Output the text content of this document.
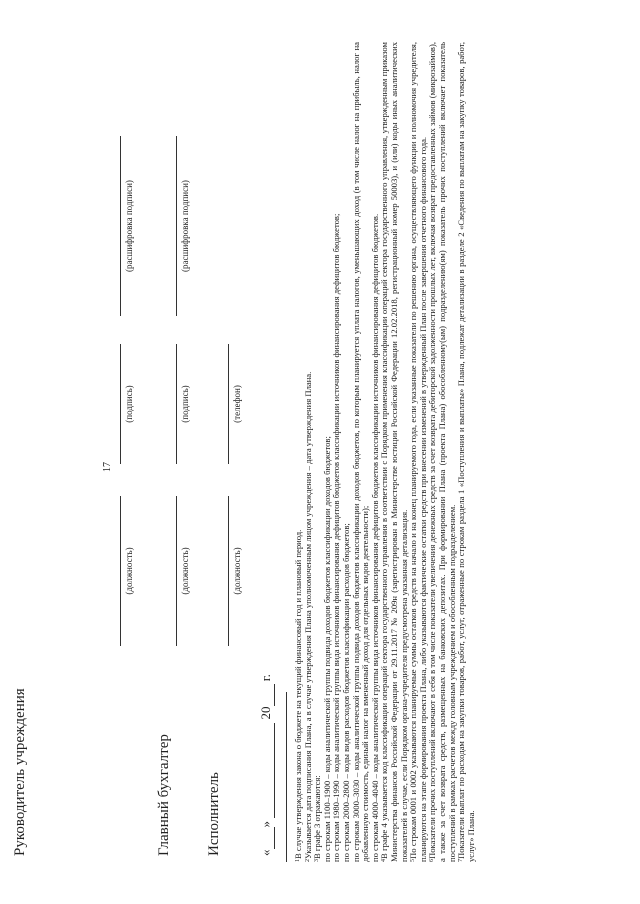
17
Руководитель учреждения
(должность)
(подпись)
(расшифровка подписи)
Главный бухгалтер
(должность)
(подпись)
(расшифровка подписи)
Исполнитель
(должность)
(телефон)
« »   20  г.

$^1$В случае утверждения закона о бюджете на текущий финансовый год и плановый период.

$^2$Указывается дата подписания Плана, а в случае утверждения Плана уполномоченным лицом учреждения – дата утверждения Плана.

$^3$В графе 3 отражаются: по строкам 1100–1900 – коды аналитической группы подвида доходов бюджетов классификации доходов бюджетов; по строкам 1980–1990 – коды аналитической группы вида источников финансирования дефицитов бюджетов классификации источников финансирования дефицитов бюджетов; по строкам 2000–2800 – коды видов расходов бюджетов классификации расходов бюджетов; по строкам 3000–3030 – коды аналитической группы подвида доходов бюджетов классификации доходов бюджетов, по которым планируется уплата налогов, уменьшающих доход (в том числе налог на прибыль, налог на добавленную стоимость, единый налог на вмененный доход для отдельных видов деятельности); по строкам 4000–4040 – коды аналитической группы вида источников финансирования дефицитов бюджетов классификации источников финансирования дефицитов бюджетов. $^4$В графе 4 указывается код классификации операций сектора государственного управления в соответствии с Порядком применения классификации операций сектора государственного управления, утвержденным приказом Министерства финансов Российской Федерации от 29.11.2017 № 209н (зарегистрирован в Министерстве юстиции Российской Федерации 12.02.2018, регистрационный номер 50003), и (или) коды иных аналитических показателей в случае, если Порядком органа-учредителя предусмотрена указанная детализация. $^5$По строкам 0001 и 0002 указываются планируемые суммы остатков средств на начало и на конец планируемого года, если указанные показатели по решению органа, осуществляющего функции и полномочия учредителя, планируются на этапе формирования проекта Плана, либо указываются фактические остатки средств при внесении изменений в утвержденный План после завершения отчетного финансового года. $^6$Показатели прочих поступлений включают в себя в том числе показатели увеличения денежных средств за счет возврата дебиторской задолженности прошлых лет, включая возврат предоставленных займов (микрозаймов), а также за счет возврата средств, размещенных на банковских депозитах. При формировании Плана (проекта Плана) обособленному(ым) подразделению(ям) показатель прочих поступлений включает показатель поступлений в рамках расчетов между головным учреждением и обособленным подразделением. $^7$Показатели выплат по расходам на закупки товаров, работ, услуг, отраженные по строкам раздела 1 «Поступления и выплаты» Плана, подлежат детализации в разделе 2 «Сведения по выплатам на закупку товаров, работ, услуг» Плана.
